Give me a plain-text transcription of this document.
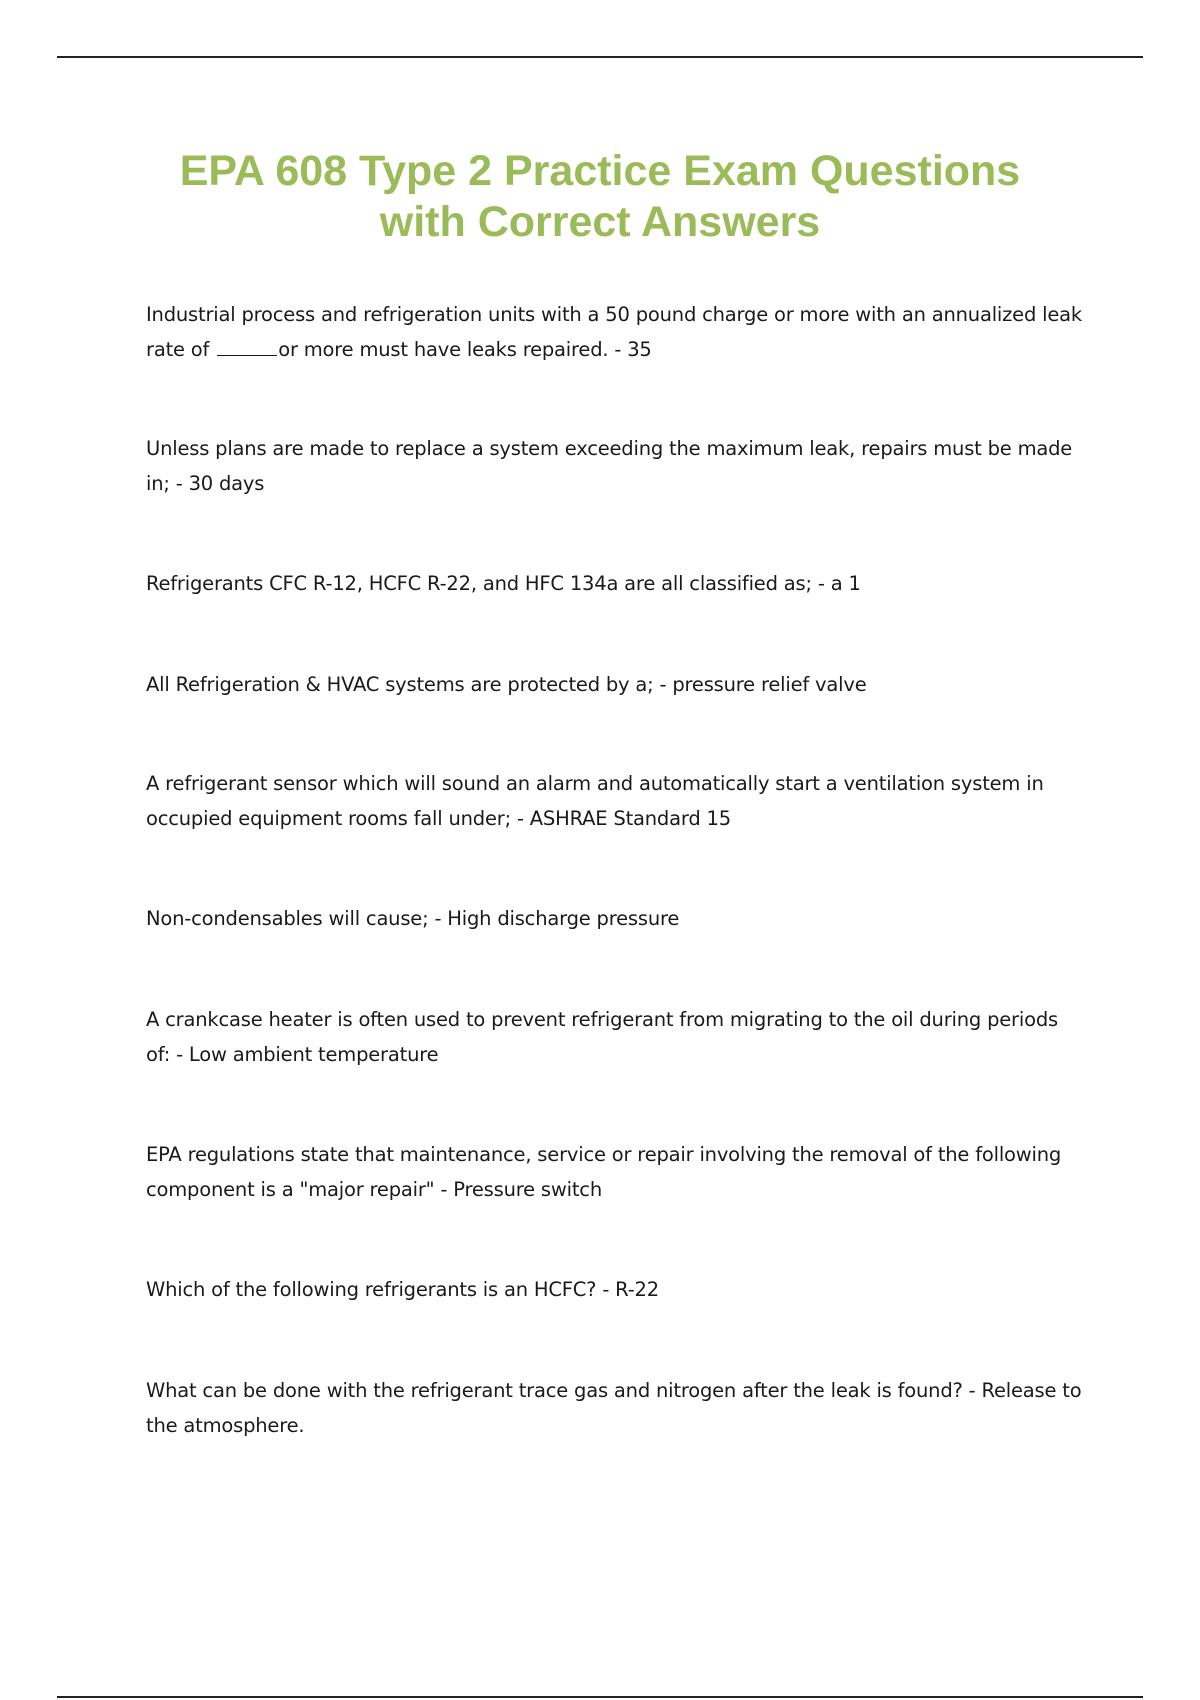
EPA 608 Type 2 Practice Exam Questions
with Correct Answers
Industrial process and refrigeration units with a 50 pound charge or more with an annualized leak rate of	or more must have leaks repaired. - 35
Unless plans are made to replace a system exceeding the maximum leak, repairs must be made in; - 30 days
Refrigerants CFC R-12, HCFC R-22, and HFC 134a are all classified as; - a 1
All Refrigeration & HVAC systems are protected by a; - pressure relief valve
A refrigerant sensor which will sound an alarm and automatically start a ventilation system in occupied equipment rooms fall under; - ASHRAE Standard 15
Non-condensables will cause; - High discharge pressure
A crankcase heater is often used to prevent refrigerant from migrating to the oil during periods of: - Low ambient temperature
EPA regulations state that maintenance, service or repair involving the removal of the following component is a "major repair" - Pressure switch
Which of the following refrigerants is an HCFC? - R-22
What can be done with the refrigerant trace gas and nitrogen after the leak is found? - Release to the atmosphere.
